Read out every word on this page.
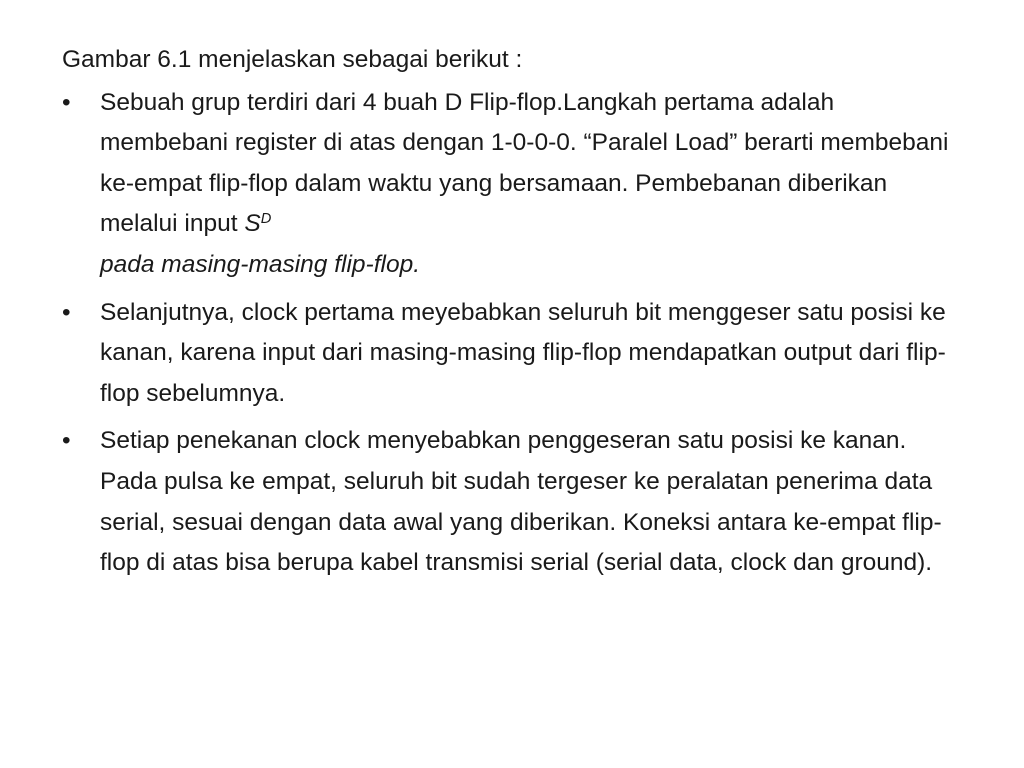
Gambar 6.1 menjelaskan sebagai berikut :

•	Sebuah grup terdiri dari 4 buah D Flip-flop.Langkah pertama adalah membebani register di atas dengan 1-0-0-0. “Paralel Load” berarti membebani ke-empat flip-flop dalam waktu yang bersamaan. Pembebanan diberikan melalui input $S^D$
pada masing-masing flip-flop.
•	Selanjutnya, clock pertama meyebabkan seluruh bit menggeser satu posisi ke kanan, karena input dari masing-masing flip-flop mendapatkan output dari flip-flop sebelumnya.
•	Setiap penekanan clock menyebabkan penggeseran satu posisi ke kanan. Pada pulsa ke empat, seluruh bit sudah tergeser ke peralatan penerima data serial, sesuai dengan data awal yang diberikan. Koneksi antara ke-empat flip-flop di atas bisa berupa kabel transmisi serial (serial data, clock dan ground).
